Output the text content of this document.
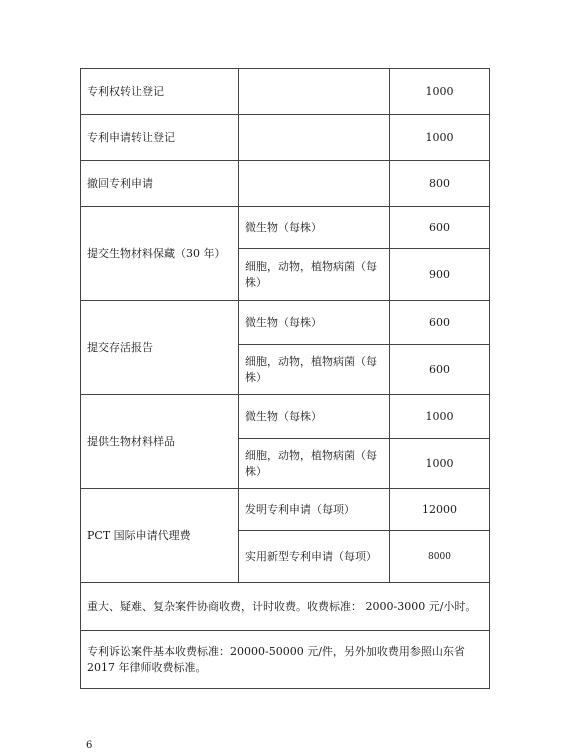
专利权转让登记		1000
专利申请转让登记		1000
撤回专利申请		800
提交生物材料保藏（30 年）	微生物（每株）	600
	细胞，动物，植物病菌（每株）	900
提交存活报告	微生物（每株）	600
	细胞，动物，植物病菌（每株）	600
提供生物材料样品	微生物（每株）	1000
	细胞，动物，植物病菌（每株）	1000
PCT 国际申请代理费	发明专利申请（每项）	12000
	实用新型专利申请（每项）	8000
重大、疑难、复杂案件协商收费，计时收费。收费标准： 2000-3000 元/小时。		
专利诉讼案件基本收费标准：20000-50000 元/件，另外加收费用参照山东省 2017 年律师收费标准。		
6
